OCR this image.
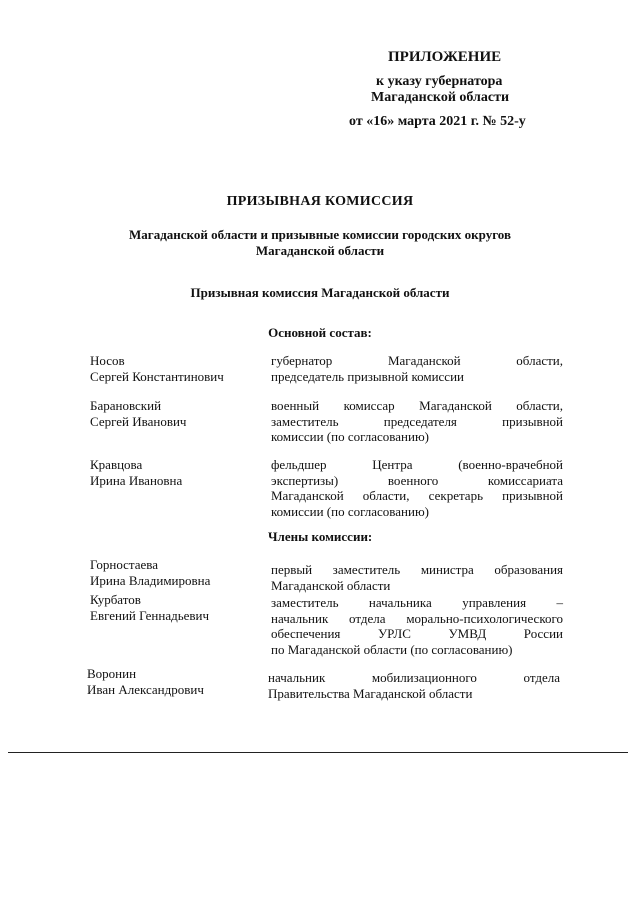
ПРИЛОЖЕНИЕ
к указу губернатора
Магаданской области
от «16» марта 2021 г. № 52-у
ПРИЗЫВНАЯ КОМИССИЯ
Магаданской области и призывные комиссии городских округов
Магаданской области
Призывная комиссия Магаданской области
Основной состав:
Носов
Сергей Константинович
губернатор Магаданской области,
председатель призывной комиссии
Барановский
Сергей Иванович
военный комиссар Магаданской области,
заместитель председателя призывной
комиссии (по согласованию)
Кравцова
Ирина Ивановна
фельдшер Центра (военно-врачебной
экспертизы) военного комиссариата
Магаданской области, секретарь призывной
комиссии (по согласованию)
Члены комиссии:
Горностаева
Ирина Владимировна
первый заместитель министра образования
Магаданской области
Курбатов
Евгений Геннадьевич
заместитель начальника управления –
начальник отдела морально-психологического
обеспечения УРЛС УМВД России
по Магаданской области (по согласованию)
Воронин
Иван Александрович
начальник мобилизационного отдела
Правительства Магаданской области
